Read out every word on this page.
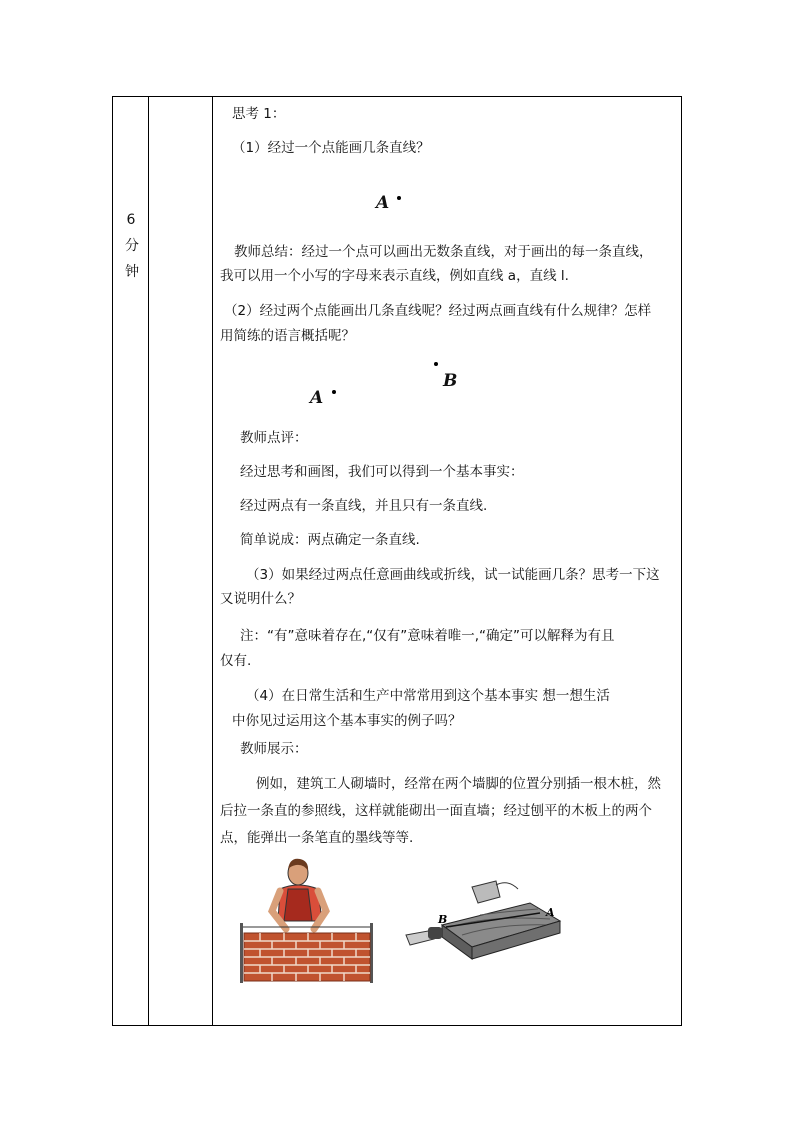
6
分
钟
思考 1：
（1）经过一个点能画几条直线？
A
教师总结：经过一个点可以画出无数条直线，对于画出的每一条直线，
我可以用一个小写的字母来表示直线，例如直线 a，直线 l.
（2）经过两个点能画出几条直线呢？经过两点画直线有什么规律？怎样
用简练的语言概括呢？
B
A
教师点评：
经过思考和画图，我们可以得到一个基本事实：
经过两点有一条直线，并且只有一条直线.
简单说成：两点确定一条直线.
（3）如果经过两点任意画曲线或折线，试一试能画几条？思考一下这
又说明什么？
注：“有”意味着存在,“仅有”意味着唯一,“确定”可以解释为有且
仅有.
（4）在日常生活和生产中常常用到这个基本事实 想一想生活
中你见过运用这个基本事实的例子吗？
教师展示：
例如，建筑工人砌墙时，经常在两个墙脚的位置分别插一根木桩，然
后拉一条直的参照线，这样就能砌出一面直墙；经过刨平的木板上的两个
点，能弹出一条笔直的墨线等等.
B
A
